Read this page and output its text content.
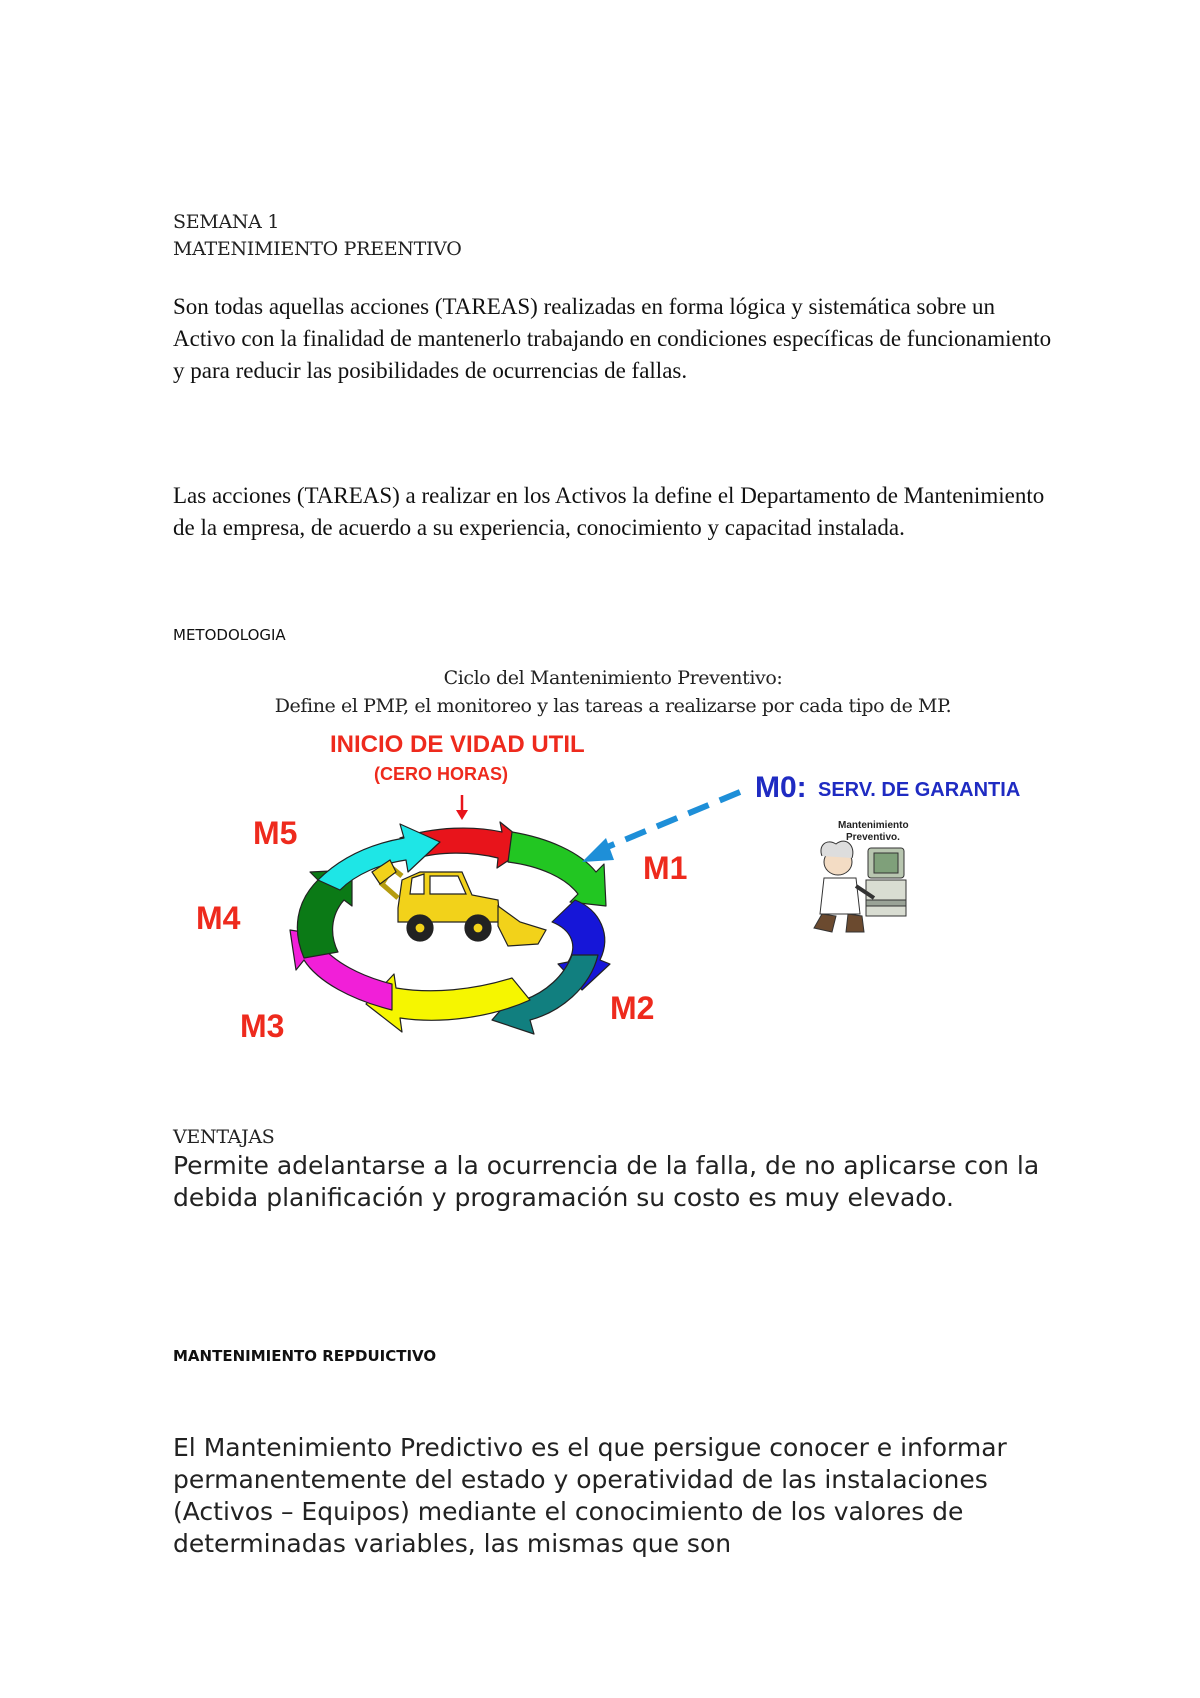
SEMANA 1
MATENIMIENTO PREENTIVO
Son todas aquellas acciones (TAREAS) realizadas en forma lógica y sistemática sobre un Activo con la finalidad de mantenerlo trabajando en condiciones específicas de funcionamiento y para reducir las posibilidades de ocurrencias de fallas.
Las acciones (TAREAS) a realizar en los Activos la define el Departamento de Mantenimiento de la empresa, de acuerdo a su experiencia, conocimiento y capacitad instalada.
METODOLOGIA
Ciclo del Mantenimiento Preventivo:
Define el PMP, el monitoreo y las tareas a realizarse por cada tipo de MP.
INICIO DE VIDAD UTIL
(CERO HORAS)	M0: SERV. DE GARANTIA
M1
M2
M3
M4
M5	Mantenimiento
Preventivo.
VENTAJAS
Permite adelantarse a la ocurrencia de la falla, de no aplicarse con la debida planificación y programación su costo es muy elevado.
MANTENIMIENTO REPDUICTIVO
El Mantenimiento Predictivo es el que persigue conocer e informar permanentemente del estado y operatividad de las instalaciones (Activos – Equipos) mediante el conocimiento de los valores de determinadas variables, las mismas que son
